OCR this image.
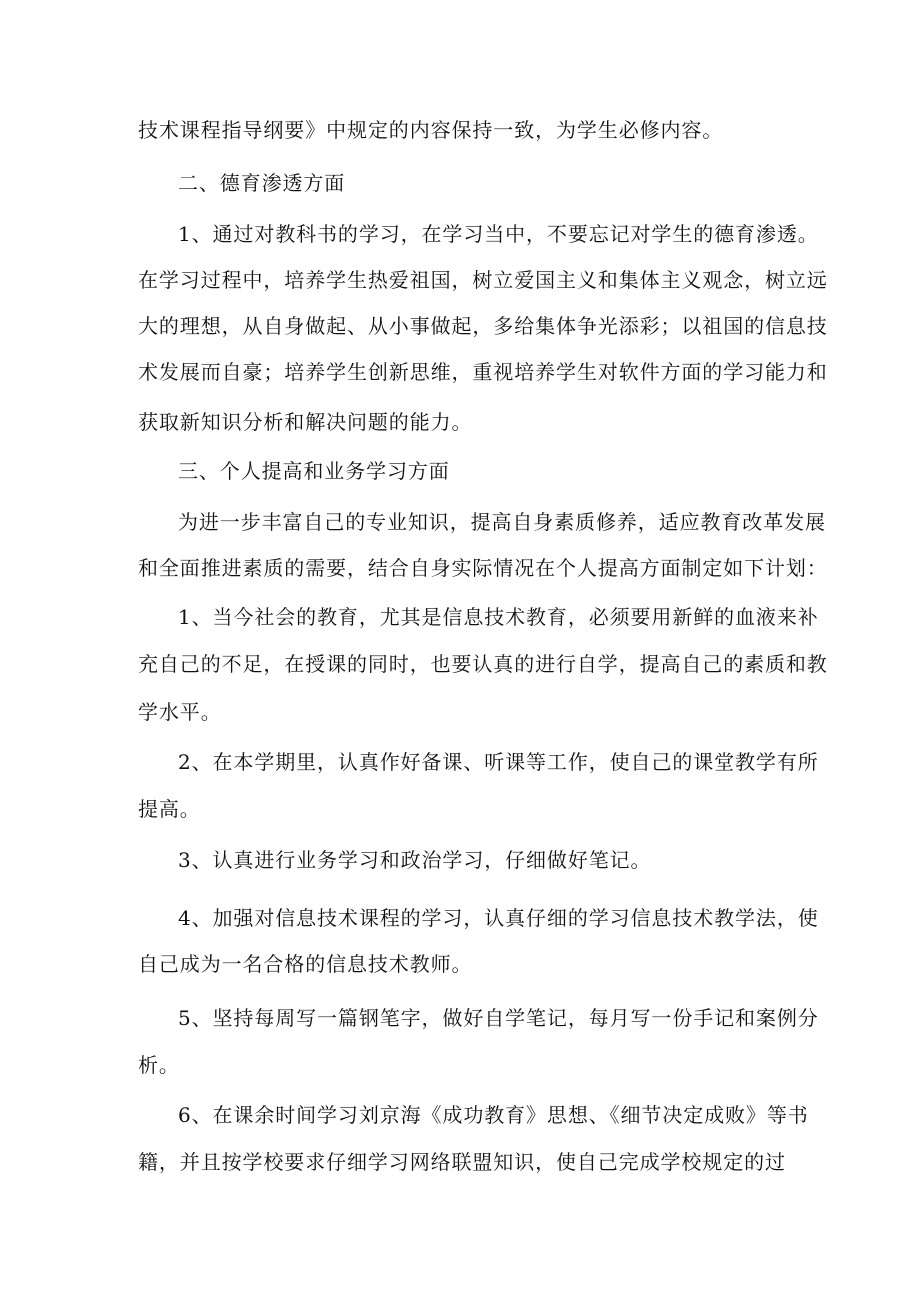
技术课程指导纲要》中规定的内容保持一致，为学生必修内容。
二、德育渗透方面
1、通过对教科书的学习，在学习当中，不要忘记对学生的德育渗透。
在学习过程中，培养学生热爱祖国，树立爱国主义和集体主义观念，树立远
大的理想，从自身做起、从小事做起，多给集体争光添彩；以祖国的信息技
术发展而自豪；培养学生创新思维，重视培养学生对软件方面的学习能力和
获取新知识分析和解决问题的能力。
三、个人提高和业务学习方面
为进一步丰富自己的专业知识，提高自身素质修养，适应教育改革发展
和全面推进素质的需要，结合自身实际情况在个人提高方面制定如下计划：
1、当今社会的教育，尤其是信息技术教育，必须要用新鲜的血液来补
充自己的不足，在授课的同时，也要认真的进行自学，提高自己的素质和教
学水平。
2、在本学期里，认真作好备课、听课等工作，使自己的课堂教学有所
提高。
3、认真进行业务学习和政治学习，仔细做好笔记。
4、加强对信息技术课程的学习，认真仔细的学习信息技术教学法，使
自己成为一名合格的信息技术教师。
5、坚持每周写一篇钢笔字，做好自学笔记，每月写一份手记和案例分
析。
6、在课余时间学习刘京海《成功教育》思想、《细节决定成败》等书
籍，并且按学校要求仔细学习网络联盟知识，使自己完成学校规定的过
